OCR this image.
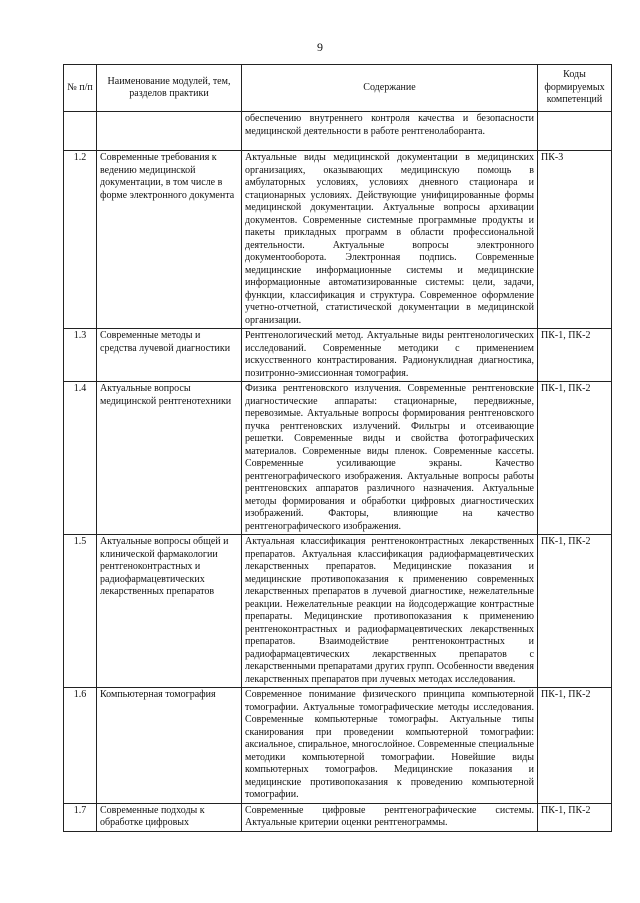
9
№ п/п	Наименование модулей, тем, разделов практики	Содержание	Коды формируемых компетенций
		обеспечению внутреннего контроля качества и безопасности медицинской деятельности в работе рентгенолаборанта.	
1.2	Современные требования к ведению медицинской документации, в том числе в форме электронного документа	Актуальные виды медицинской документации в медицинских организациях, оказывающих медицинскую помощь в амбулаторных условиях, условиях дневного стационара и стационарных условиях. Действующие унифицированные формы медицинской документации. Актуальные вопросы архивации документов. Современные системные программные продукты и пакеты прикладных программ в области профессиональной деятельности. Актуальные вопросы электронного документооборота. Электронная подпись. Современные медицинские информационные системы и медицинские информационные автоматизированные системы: цели, задачи, функции, классификация и структура. Современное оформление учетно-отчетной, статистической документации в медицинской организации.	ПК-3
1.3	Современные методы и средства лучевой диагностики	Рентгенологический метод. Актуальные виды рентгенологических исследований. Современные методики с применением искусственного контрастирования. Радионуклидная диагностика, позитронно-эмиссионная томография.	ПК-1, ПК-2
1.4	Актуальные вопросы медицинской рентгенотехники	Физика рентгеновского излучения. Современные рентгеновские диагностические аппараты: стационарные, передвижные, перевозимые. Актуальные вопросы формирования рентгеновского пучка рентгеновских излучений. Фильтры и отсеивающие решетки. Современные виды и свойства фотографических материалов. Современные виды пленок. Современные кассеты. Современные усиливающие экраны. Качество рентгенографического изображения. Актуальные вопросы работы рентгеновских аппаратов различного назначения. Актуальные методы формирования и обработки цифровых диагностических изображений. Факторы, влияющие на качество рентгенографического изображения.	ПК-1, ПК-2
1.5	Актуальные вопросы общей и клинической фармакологии рентгеноконтрастных и радиофармацевтических лекарственных препаратов	Актуальная классификация рентгеноконтрастных лекарственных препаратов. Актуальная классификация радиофармацевтических лекарственных препаратов. Медицинские показания и медицинские противопоказания к применению современных лекарственных препаратов в лучевой диагностике, нежелательные реакции. Нежелательные реакции на йодсодержащие контрастные препараты. Медицинские противопоказания к применению рентгеноконтрастных и радиофармацевтических лекарственных препаратов. Взаимодействие рентгеноконтрастных и радиофармацевтических лекарственных препаратов с лекарственными препаратами других групп. Особенности введения лекарственных препаратов при лучевых методах исследования.	ПК-1, ПК-2
1.6	Компьютерная томография	Современное понимание физического принципа компьютерной томографии. Актуальные томографические методы исследования. Современные компьютерные томографы. Актуальные типы сканирования при проведении компьютерной томографии: аксиальное, спиральное, многослойное. Современные специальные методики компьютерной томографии. Новейшие виды компьютерных томографов. Медицинские показания и медицинские противопоказания к проведению компьютерной томографии.	ПК-1, ПК-2
1.7	Современные подходы к обработке цифровых	Современные цифровые рентгенографические системы. Актуальные критерии оценки рентгенограммы.	ПК-1, ПК-2
